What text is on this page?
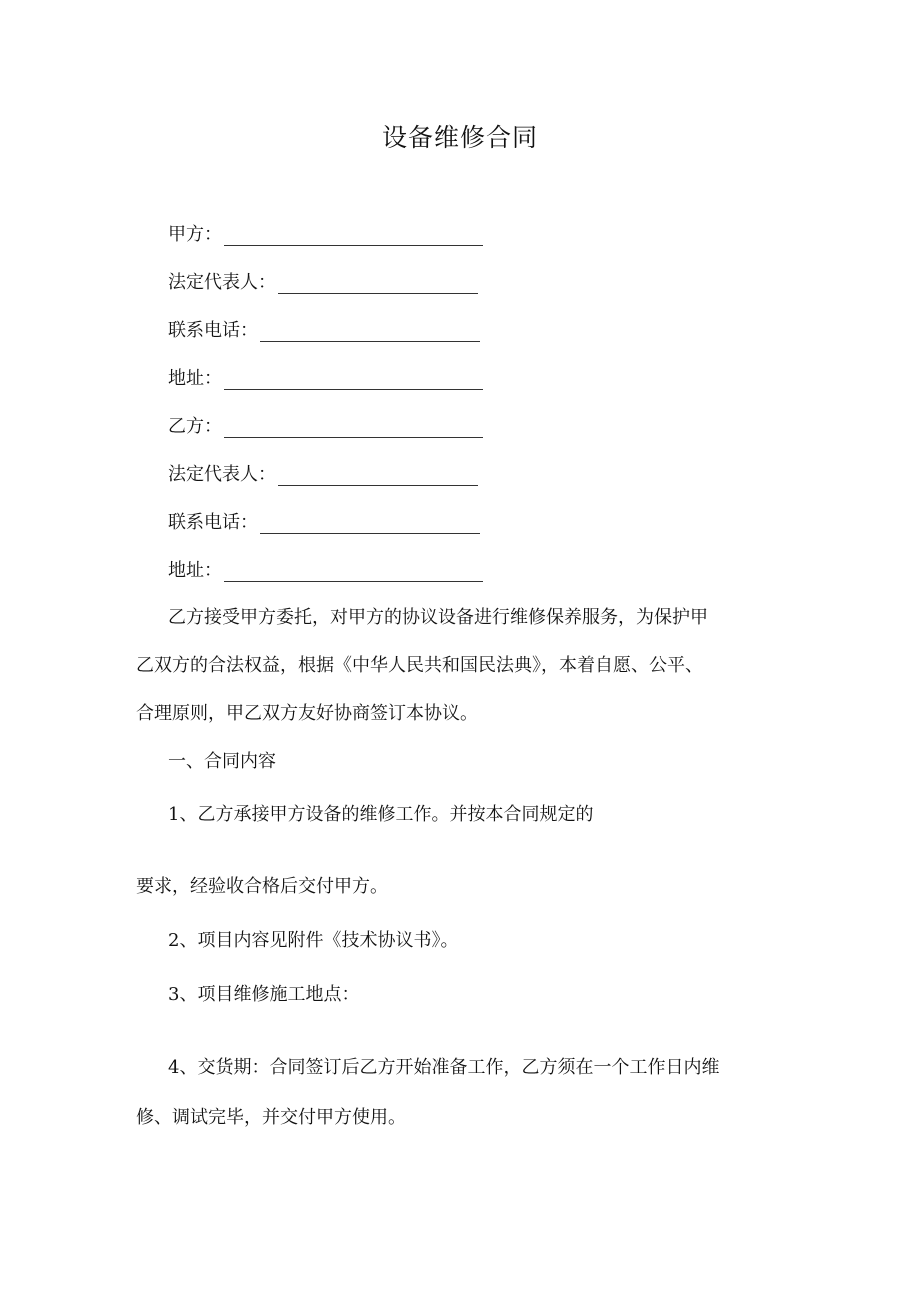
设备维修合同
甲方：
法定代表人：
联系电话：
地址：
乙方：
法定代表人：
联系电话：
地址：
乙方接受甲方委托，对甲方的协议设备进行维修保养服务，为保护甲
乙双方的合法权益，根据《中华人民共和国民法典》，本着自愿、公平、
合理原则，甲乙双方友好协商签订本协议。
一、合同内容
1、乙方承接甲方设备的维修工作。并按本合同规定的
要求，经验收合格后交付甲方。
2、项目内容见附件《技术协议书》。
3、项目维修施工地点：
4、交货期：合同签订后乙方开始准备工作，乙方须在一个工作日内维
修、调试完毕，并交付甲方使用。
